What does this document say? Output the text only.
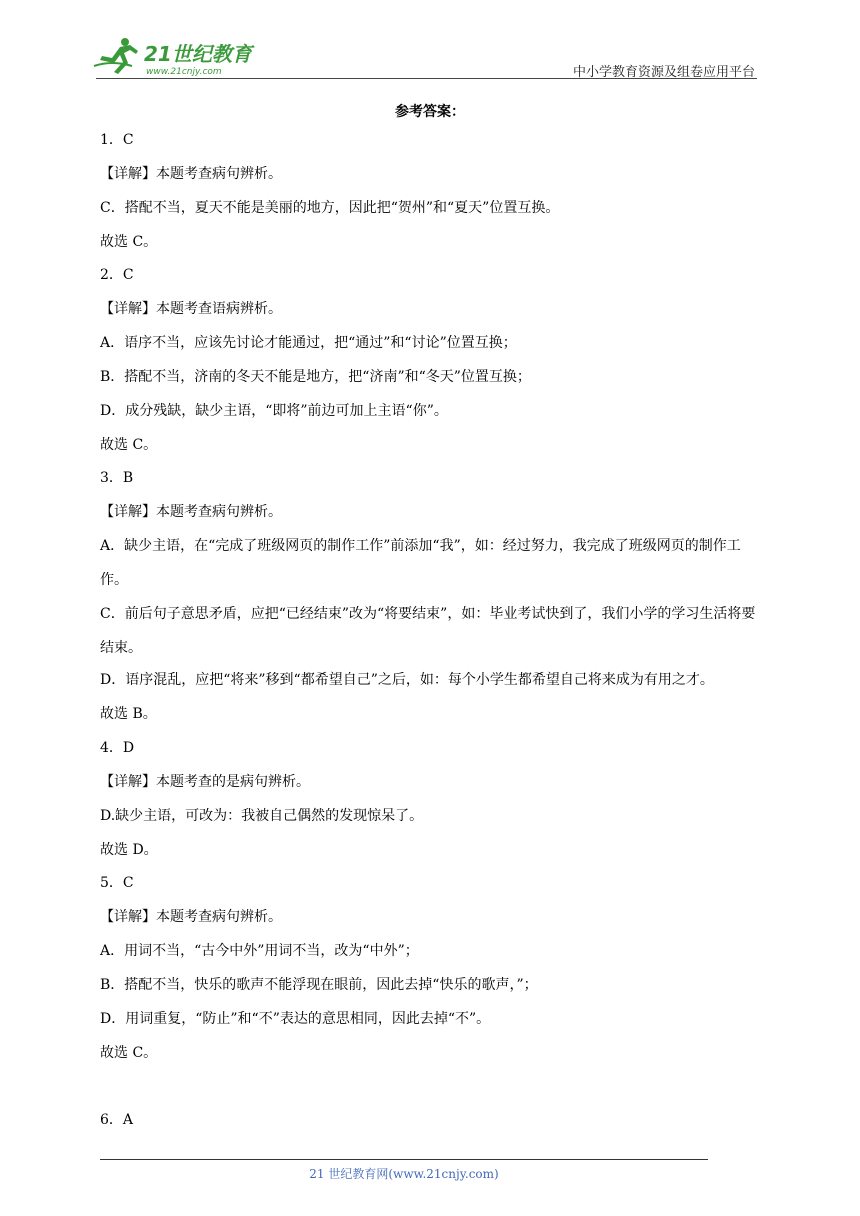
21世纪教育
www.21cnjy.com	中小学教育资源及组卷应用平台
参考答案：
1．C
【详解】本题考查病句辨析。
C．搭配不当，夏天不能是美丽的地方，因此把“贺州”和“夏天”位置互换。
故选 C。
2．C
【详解】本题考查语病辨析。
A．语序不当，应该先讨论才能通过，把“通过”和“讨论”位置互换；
B．搭配不当，济南的冬天不能是地方，把“济南”和“冬天”位置互换；
D．成分残缺，缺少主语，“即将”前边可加上主语“你”。
故选 C。
3．B
【详解】本题考查病句辨析。
A．缺少主语，在“完成了班级网页的制作工作”前添加“我”，如：经过努力，我完成了班级网页的制作工作。
C．前后句子意思矛盾，应把“已经结束”改为“将要结束”，如：毕业考试快到了，我们小学的学习生活将要结束。
D．语序混乱，应把“将来”移到“都希望自己”之后，如：每个小学生都希望自己将来成为有用之才。
故选 B。
4．D
【详解】本题考查的是病句辨析。
D.缺少主语，可改为：我被自己偶然的发现惊呆了。
故选 D。
5．C
【详解】本题考查病句辨析。
A．用词不当，“古今中外”用词不当，改为“中外”；
B．搭配不当，快乐的歌声不能浮现在眼前，因此去掉“快乐的歌声，”；
D．用词重复，“防止”和“不”表达的意思相同，因此去掉“不”。
故选 C。
6．A
21 世纪教育网(www.21cnjy.com)
